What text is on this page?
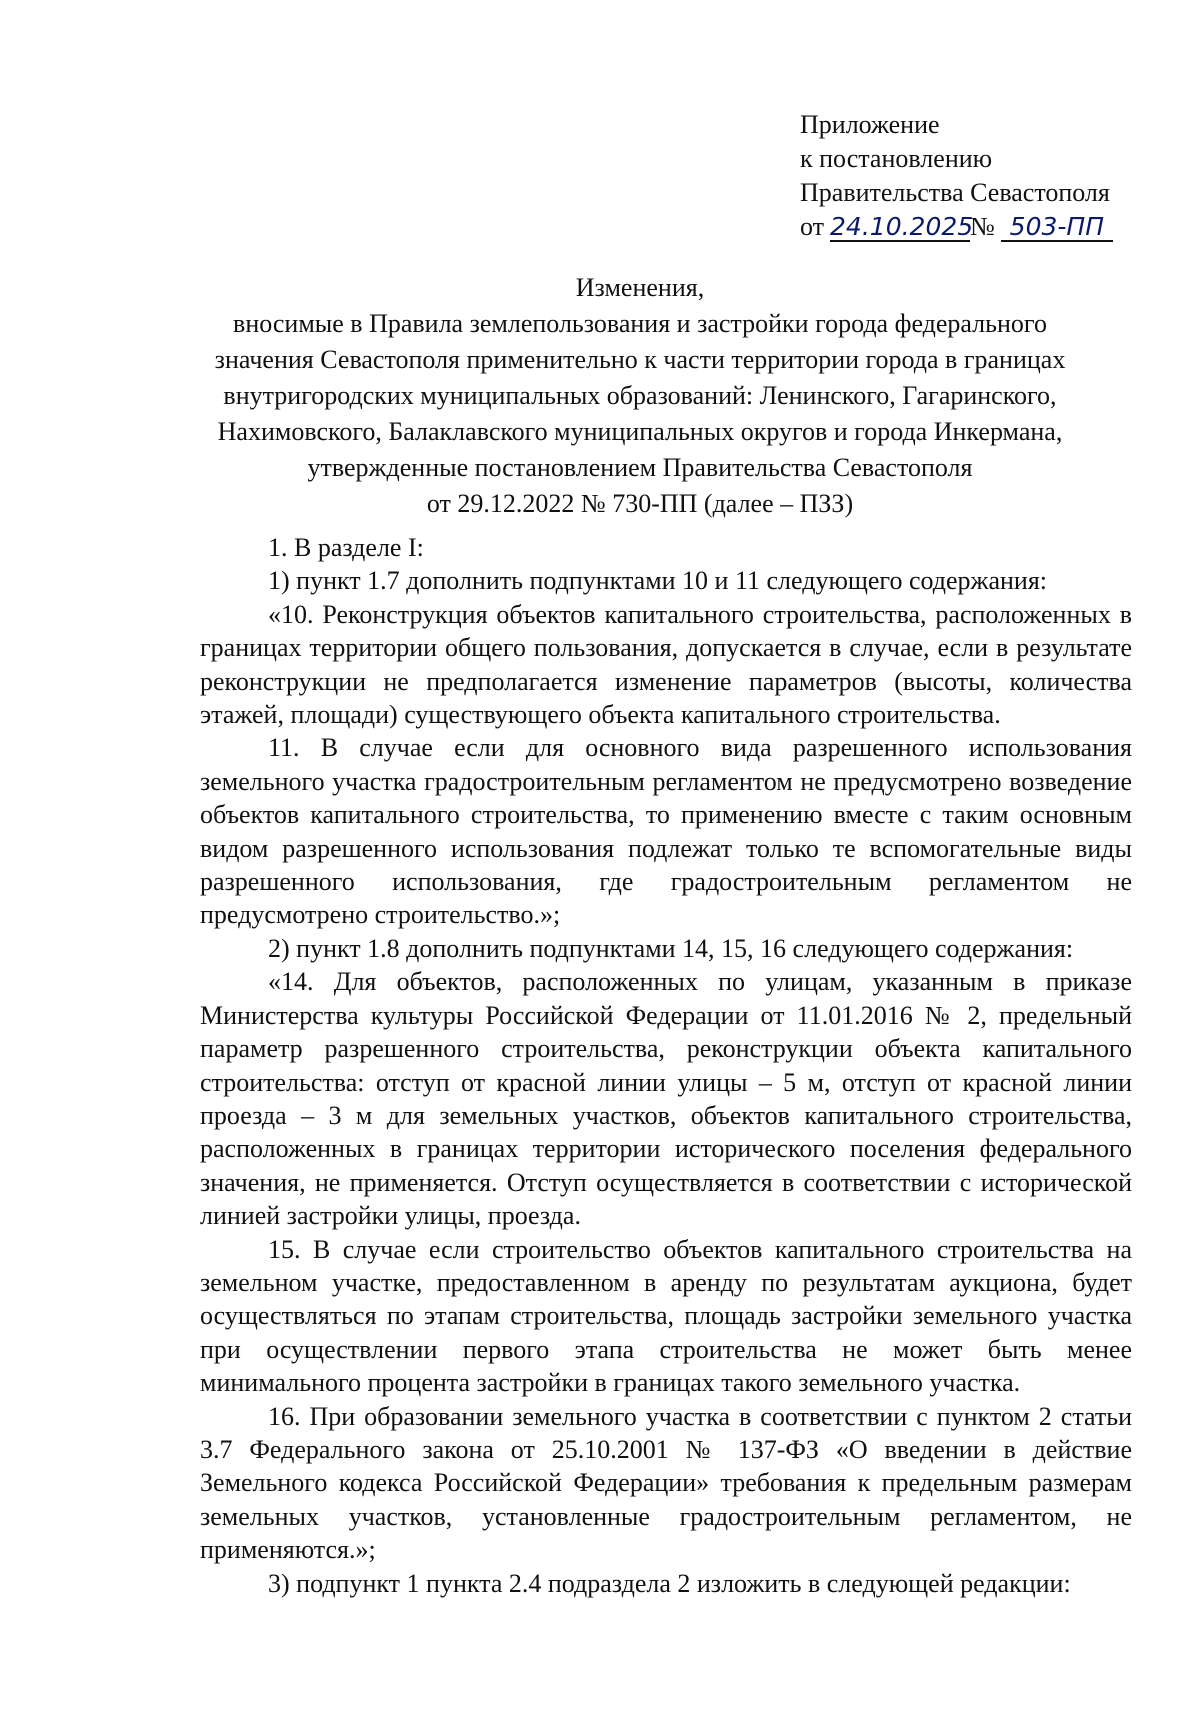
Приложение
к постановлению
Правительства Севастополя
от 24.10.2025№ 503-ПП
Изменения,
вносимые в Правила землепользования и застройки города федерального
значения Севастополя применительно к части территории города в границах
внутригородских муниципальных образований: Ленинского, Гагаринского,
Нахимовского, Балаклавского муниципальных округов и города Инкермана,
утвержденные постановлением Правительства Севастополя
от 29.12.2022 № 730-ПП (далее – ПЗЗ)

1. В разделе I:

1) пункт 1.7 дополнить подпунктами 10 и 11 следующего содержания:

«10. Реконструкция объектов капитального строительства, расположенных в границах территории общего пользования, допускается в случае, если в результате реконструкции не предполагается изменение параметров (высоты, количества этажей, площади) существующего объекта капитального строительства.

11. В случае если для основного вида разрешенного использования земельного участка градостроительным регламентом не предусмотрено возведение объектов капитального строительства, то применению вместе с таким основным видом разрешенного использования подлежат только те вспомогательные виды разрешенного использования, где градостроительным регламентом не предусмотрено строительство.»;

2) пункт 1.8 дополнить подпунктами 14, 15, 16 следующего содержания:

«14. Для объектов, расположенных по улицам, указанным в приказе Министерства культуры Российской Федерации от 11.01.2016 № 2, предельный параметр разрешенного строительства, реконструкции объекта капитального строительства: отступ от красной линии улицы – 5 м, отступ от красной линии проезда – 3 м для земельных участков, объектов капитального строительства, расположенных в границах территории исторического поселения федерального значения, не применяется. Отступ осуществляется в соответствии с исторической линией застройки улицы, проезда.

15. В случае если строительство объектов капитального строительства на земельном участке, предоставленном в аренду по результатам аукциона, будет осуществляться по этапам строительства, площадь застройки земельного участка при осуществлении первого этапа строительства не может быть менее минимального процента застройки в границах такого земельного участка.

16. При образовании земельного участка в соответствии с пунктом 2 статьи 3.7 Федерального закона от 25.10.2001 № 137-ФЗ «О введении в действие Земельного кодекса Российской Федерации» требования к предельным размерам земельных участков, установленные градостроительным регламентом, не применяются.»;

3) подпункт 1 пункта 2.4 подраздела 2 изложить в следующей редакции:
